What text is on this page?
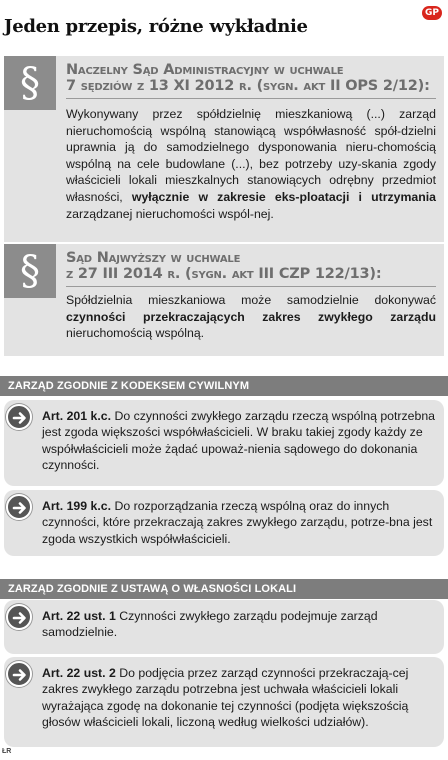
Jeden przepis, różne wykładnie
GP
§ Naczelny Sąd Administracyjny w uchwale
7 sędziów z 13 XI 2012 r. (sygn. akt II OPS 2/12):
Wykonywany przez spółdzielnię mieszkaniową (...) zarząd nieruchomością wspólną stanowiącą współwłasność spół-dzielni uprawnia ją do samodzielnego dysponowania nieru-chomością wspólną na cele budowlane (...), bez potrzeby uzy-skania zgody właścicieli lokali mieszkalnych stanowiących odrębny przedmiot własności, wyłącznie w zakresie eks-ploatacji i utrzymania zarządzanej nieruchomości wspól-nej.
§ Sąd Najwyższy w uchwale
z 27 III 2014 r. (sygn. akt III CZP 122/13):
Spółdzielnia mieszkaniowa może samodzielnie dokonywać czynności przekraczających zakres zwykłego zarządu nieruchomością wspólną.
ZARZĄD ZGODNIE Z KODEKSEM CYWILNYM
Art. 201 k.c. Do czynności zwykłego zarządu rzeczą wspólną potrzebna jest zgoda większości współwłaścicieli. W braku takiej zgody każdy ze współwłaścicieli może żądać upoważ-nienia sądowego do dokonania czynności.
Art. 199 k.c. Do rozporządzania rzeczą wspólną oraz do innych czynności, które przekraczają zakres zwykłego zarządu, potrze-bna jest zgoda wszystkich współwłaścicieli.
ZARZĄD ZGODNIE Z USTAWĄ O WŁASNOŚCI LOKALI
Art. 22 ust. 1 Czynności zwykłego zarządu podejmuje zarząd samodzielnie.
Art. 22 ust. 2 Do podjęcia przez zarząd czynności przekraczają-cej zakres zwykłego zarządu potrzebna jest uchwała właścicieli lokali wyrażająca zgodę na dokonanie tej czynności (podjęta większością głosów właścicieli lokali, liczoną według wielkości udziałów).
ŁR
